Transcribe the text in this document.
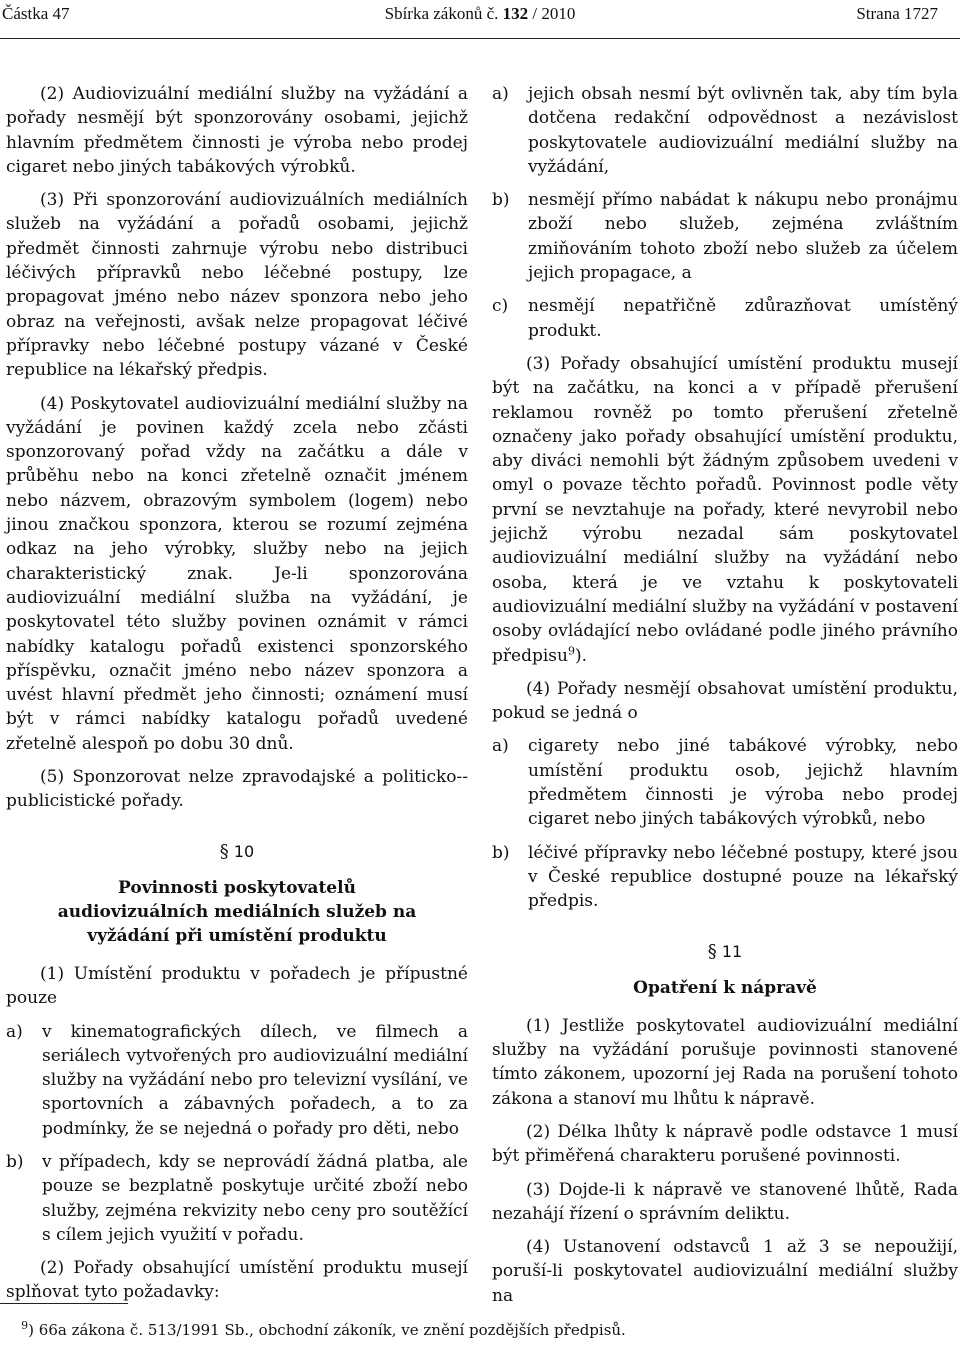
Částka 47	Sbírka zákonů č. 132 / 2010	Strana 1727

(2) Audiovizuální mediální služby na vyžádání a pořady nesmějí být sponzorovány osobami, jejichž hlavním předmětem činnosti je výroba nebo prodej cigaret nebo jiných tabákových výrobků.

(3) Při sponzorování audiovizuálních mediálních služeb na vyžádání a pořadů osobami, jejichž předmět činnosti zahrnuje výrobu nebo distribuci léčivých přípravků nebo léčebné postupy, lze propagovat jméno nebo název sponzora nebo jeho obraz na veřejnosti, avšak nelze propagovat léčivé přípravky nebo léčebné postupy vázané v České republice na lékařský předpis.

(4) Poskytovatel audiovizuální mediální služby na vyžádání je povinen každý zcela nebo zčásti sponzorovaný pořad vždy na začátku a dále v průběhu nebo na konci zřetelně označit jménem nebo názvem, obrazovým symbolem (logem) nebo jinou značkou sponzora, kterou se rozumí zejména odkaz na jeho výrobky, služby nebo na jejich charakteristický znak. Je-li sponzorována audiovizuální mediální služba na vyžádání, je poskytovatel této služby povinen oznámit v rámci nabídky katalogu pořadů existenci sponzorského příspěvku, označit jméno nebo název sponzora a uvést hlavní předmět jeho činnosti; oznámení musí být v rámci nabídky katalogu pořadů uvedené zřetelně alespoň po dobu 30 dnů.

(5) Sponzorovat nelze zpravodajské a politicko--publicistické pořady.

§ 10
Povinnosti poskytovatelů audiovizuálních mediálních služeb na vyžádání při umístění produktu

(1) Umístění produktu v pořadech je přípustné pouze

a)	v kinematografických dílech, ve filmech a seriálech vytvořených pro audiovizuální mediální služby na vyžádání nebo pro televizní vysílání, ve sportovních a zábavných pořadech, a to za podmínky, že se nejedná o pořady pro děti, nebo
b)	v případech, kdy se neprovádí žádná platba, ale pouze se bezplatně poskytuje určité zboží nebo služby, zejména rekvizity nebo ceny pro soutěžící s cílem jejich využití v pořadu.

(2) Pořady obsahující umístění produktu musejí splňovat tyto požadavky:

a)	jejich obsah nesmí být ovlivněn tak, aby tím byla dotčena redakční odpovědnost a nezávislost poskytovatele audiovizuální mediální služby na vyžádání,
b)	nesmějí přímo nabádat k nákupu nebo pronájmu zboží nebo služeb, zejména zvláštním zmiňováním tohoto zboží nebo služeb za účelem jejich propagace, a
c)	nesmějí nepatřičně zdůrazňovat umístěný produkt.

(3) Pořady obsahující umístění produktu musejí být na začátku, na konci a v případě přerušení reklamou rovněž po tomto přerušení zřetelně označeny jako pořady obsahující umístění produktu, aby diváci nemohli být žádným způsobem uvedeni v omyl o povaze těchto pořadů. Povinnost podle věty první se nevztahuje na pořady, které nevyrobil nebo jejichž výrobu nezadal sám poskytovatel audiovizuální mediální služby na vyžádání nebo osoba, která je ve vztahu k poskytovateli audiovizuální mediální služby na vyžádání v postavení osoby ovládající nebo ovládané podle jiného právního předpisu$^9$).

(4) Pořady nesmějí obsahovat umístění produktu, pokud se jedná o

a)	cigarety nebo jiné tabákové výrobky, nebo umístění produktu osob, jejichž hlavním předmětem činnosti je výroba nebo prodej cigaret nebo jiných tabákových výrobků, nebo
b)	léčivé přípravky nebo léčebné postupy, které jsou v České republice dostupné pouze na lékařský předpis.
§ 11
Opatření k nápravě

(1) Jestliže poskytovatel audiovizuální mediální služby na vyžádání porušuje povinnosti stanovené tímto zákonem, upozorní jej Rada na porušení tohoto zákona a stanoví mu lhůtu k nápravě.

(2) Délka lhůty k nápravě podle odstavce 1 musí být přiměřená charakteru porušené povinnosti.

(3) Dojde-li k nápravě ve stanovené lhůtě, Rada nezahájí řízení o správním deliktu.

(4) Ustanovení odstavců 1 až 3 se nepoužijí, poruší-li poskytovatel audiovizuální mediální služby na

$^9$) 66a zákona č. 513/1991 Sb., obchodní zákoník, ve znění pozdějších předpisů.
